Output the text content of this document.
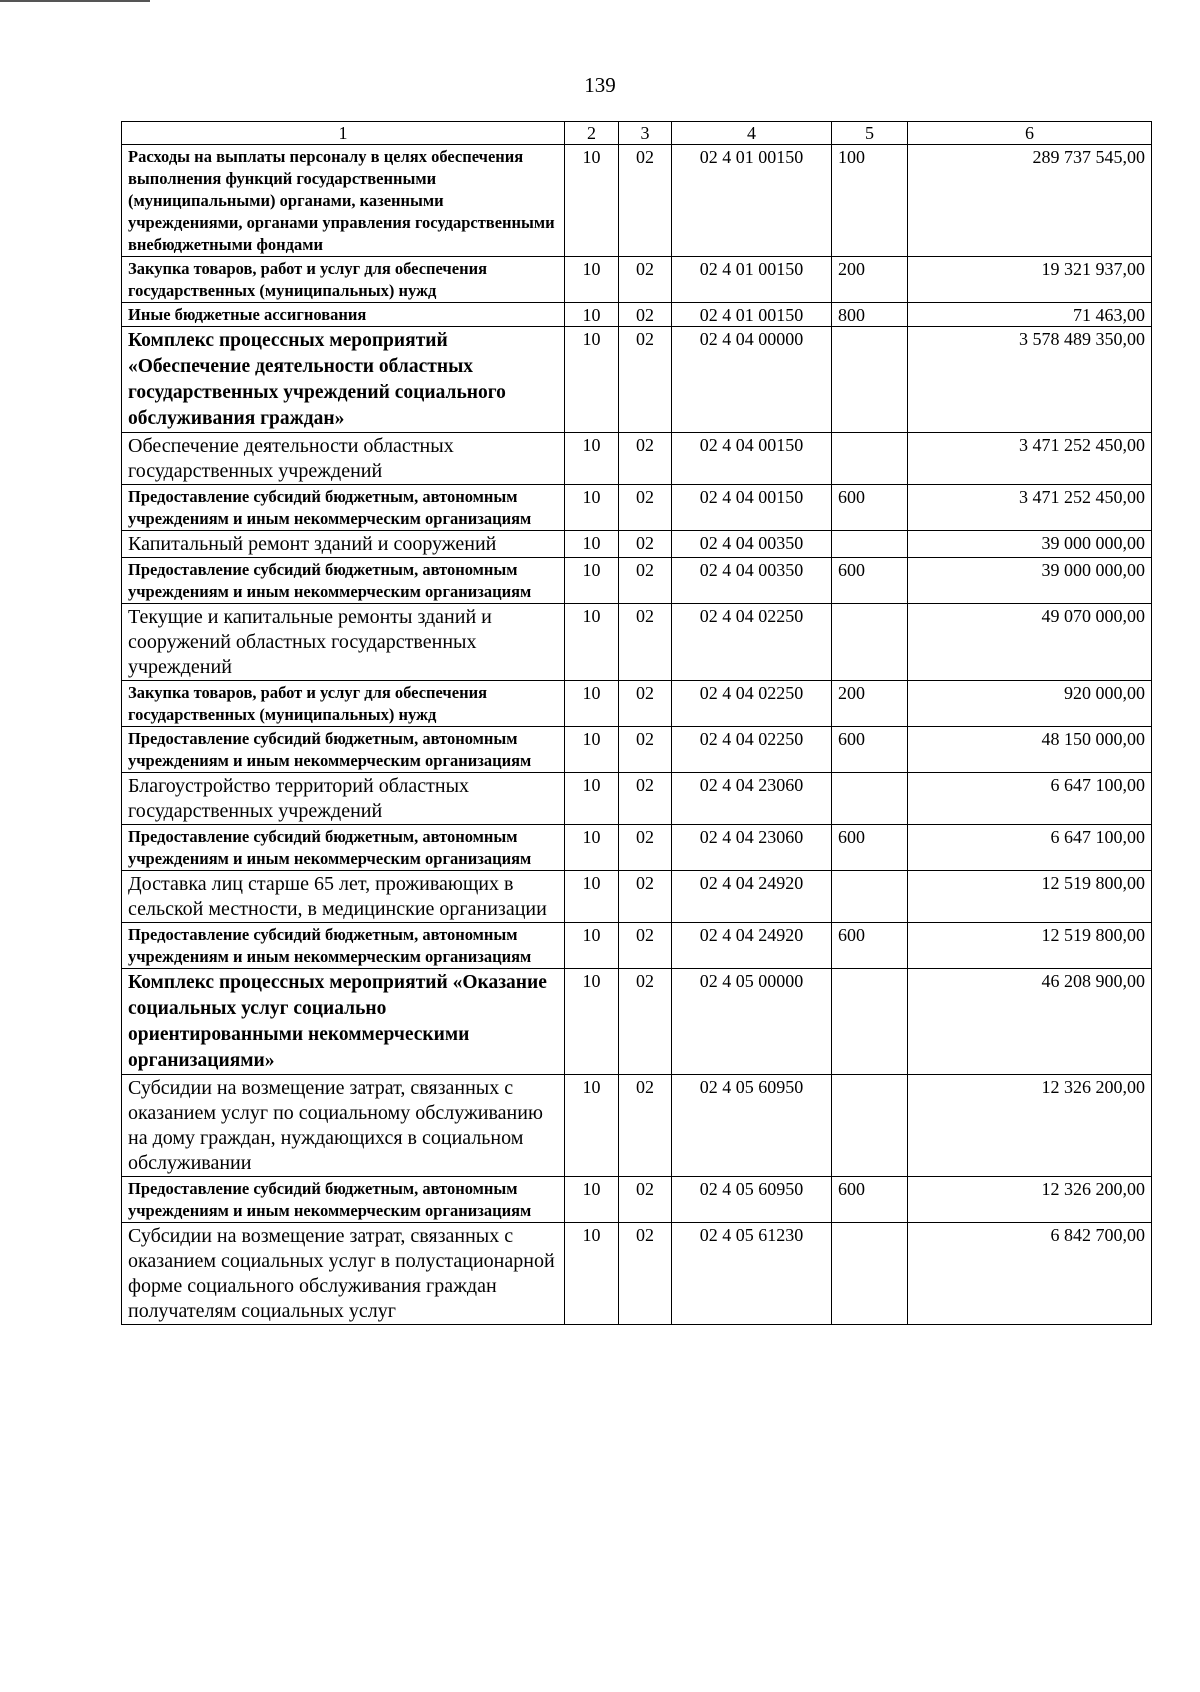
139
1	2	3	4	5	6
Расходы на выплаты персоналу в целях обеспечения выполнения функций государственными (муниципальными) органами, казенными учреждениями, органами управления государственными внебюджетными фондами	10	02	02 4 01 00150	100	289 737 545,00
Закупка товаров, работ и услуг для обеспечения государственных (муниципальных) нужд	10	02	02 4 01 00150	200	19 321 937,00
Иные бюджетные ассигнования	10	02	02 4 01 00150	800	71 463,00
Комплекс процессных мероприятий «Обеспечение деятельности областных государственных учреждений социального обслуживания граждан»	10	02	02 4 04 00000		3 578 489 350,00
Обеспечение деятельности областных государственных учреждений	10	02	02 4 04 00150		3 471 252 450,00
Предоставление субсидий бюджетным, автономным учреждениям и иным некоммерческим организациям	10	02	02 4 04 00150	600	3 471 252 450,00
Капитальный ремонт зданий и сооружений	10	02	02 4 04 00350		39 000 000,00
Предоставление субсидий бюджетным, автономным учреждениям и иным некоммерческим организациям	10	02	02 4 04 00350	600	39 000 000,00
Текущие и капитальные ремонты зданий и сооружений областных государственных учреждений	10	02	02 4 04 02250		49 070 000,00
Закупка товаров, работ и услуг для обеспечения государственных (муниципальных) нужд	10	02	02 4 04 02250	200	920 000,00
Предоставление субсидий бюджетным, автономным учреждениям и иным некоммерческим организациям	10	02	02 4 04 02250	600	48 150 000,00
Благоустройство территорий областных государственных учреждений	10	02	02 4 04 23060		6 647 100,00
Предоставление субсидий бюджетным, автономным учреждениям и иным некоммерческим организациям	10	02	02 4 04 23060	600	6 647 100,00
Доставка лиц старше 65 лет, проживающих в сельской местности, в медицинские организации	10	02	02 4 04 24920		12 519 800,00
Предоставление субсидий бюджетным, автономным учреждениям и иным некоммерческим организациям	10	02	02 4 04 24920	600	12 519 800,00
Комплекс процессных мероприятий «Оказание социальных услуг социально ориентированными некоммерческими организациями»	10	02	02 4 05 00000		46 208 900,00
Субсидии на возмещение затрат, связанных с оказанием услуг по социальному обслуживанию на дому граждан, нуждающихся в социальном обслуживании	10	02	02 4 05 60950		12 326 200,00
Предоставление субсидий бюджетным, автономным учреждениям и иным некоммерческим организациям	10	02	02 4 05 60950	600	12 326 200,00
Субсидии на возмещение затрат, связанных с оказанием социальных услуг в полустационарной форме социального обслуживания граждан получателям социальных услуг	10	02	02 4 05 61230		6 842 700,00
